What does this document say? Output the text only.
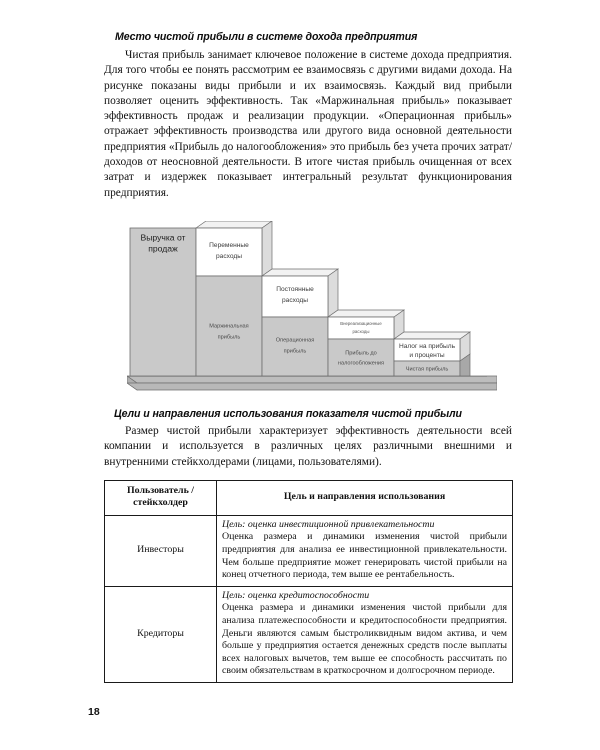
Место чистой прибыли в системе дохода предприятия

Чистая прибыль занимает ключевое положение в системе дохода предприятия. Для того чтобы ее понять рассмотрим ее взаимосвязь с другими видами дохода. На рисунке показаны виды прибыли и их взаимосвязь. Каждый вид прибыли позволяет оценить эффективность. Так «Маржинальная прибыль» показывает эффективность продаж и реализации продукции. «Операционная прибыль» отражает эффективность производства или другого вида основной деятельности предприятия «Прибыль до налогообложения» это прибыль без учета прочих затрат/доходов от неосновной деятельности. В итоге чистая прибыль очищенная от всех затрат и издержек показывает интегральный результат функционирования предприятия.

Выручка от
продаж	Переменные
расходы
Маржинальная
прибыль
Постоянные
расходы
Операционная
прибыль
Внереализационные
расходы
Прибыль до
налогообложения
Налог на прибыль
и проценты
Чистая прибыль
Цели и направления использования показателя чистой прибыли

Размер чистой прибыли характеризует эффективность деятельности всей компании и используется в различных целях различными внешними и внутренними стейкхолдерами (лицами, пользователями).

Пользователь /
стейкхолдер	Цель и направления использования
Инвесторы	Цель: оценка инвестиционной привлекательности
Оценка размера и динамики изменения чистой прибыли предприятия для анализа ее инвестиционной привлекательности. Чем больше предприятие может генерировать чистой прибыли на конец отчетного периода, тем выше ее рентабельность.

Кредиторы	Цель: оценка кредитоспособности
Оценка размера и динамики изменения чистой прибыли для анализа платежеспособности и кредитоспособности предприятия. Деньги являются самым быстроликвидным видом актива, и чем больше у предприятия остается денежных средств после выплаты всех налоговых вычетов, тем выше ее способность рассчитать по своим обязательствам в краткосрочном и долгосрочном периоде.
18
